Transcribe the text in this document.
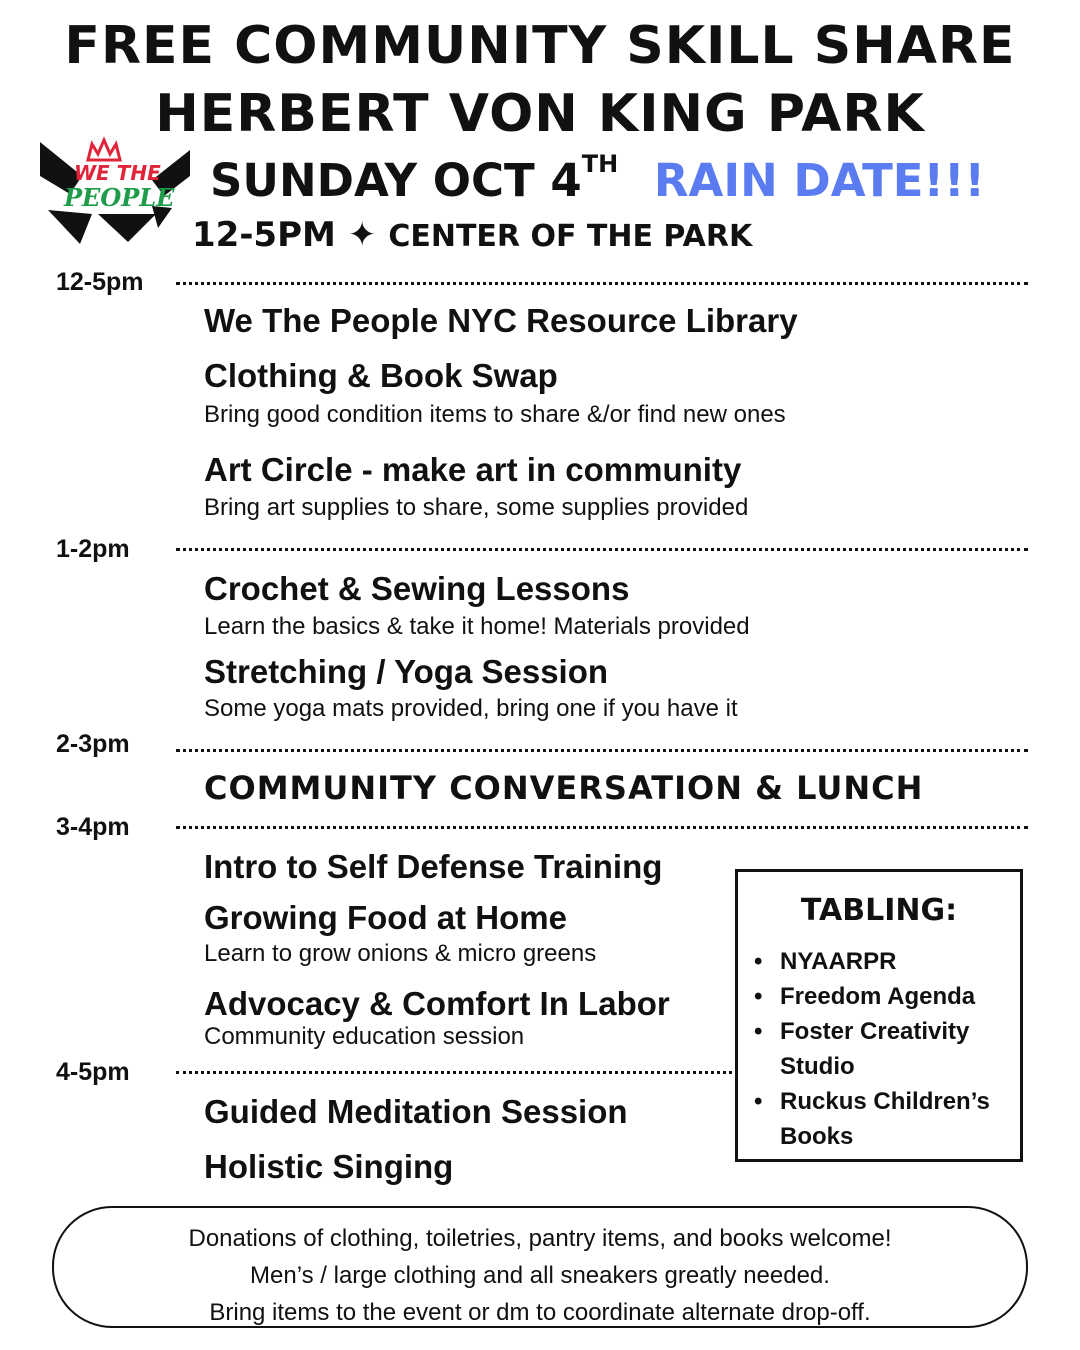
FREE COMMUNITY SKILL SHARE
HERBERT VON KING PARK
WE THE
PEOPLE SUNDAY OCT 4TH RAIN DATE!!!
12-5PM ✦ CENTER OF THE PARK
12-5pm
We The People NYC Resource Library
Clothing & Book Swap
Bring good condition items to share &/or find new ones
Art Circle - make art in community
Bring art supplies to share, some supplies provided
1-2pm
Crochet & Sewing Lessons
Learn the basics & take it home! Materials provided
Stretching / Yoga Session
Some yoga mats provided, bring one if you have it
2-3pm
COMMUNITY CONVERSATION & LUNCH
3-4pm
Intro to Self Defense Training
Growing Food at Home
Learn to grow onions & micro greens
Advocacy & Comfort In Labor
Community education session
4-5pm
Guided Meditation Session
Holistic Singing
TABLING:
• NYAARPR
• Freedom Agenda
• Foster Creativity
Studio
• Ruckus Children’s
Books
Donations of clothing, toiletries, pantry items, and books welcome!
Men’s / large clothing and all sneakers greatly needed.
Bring items to the event or dm to coordinate alternate drop-off.
